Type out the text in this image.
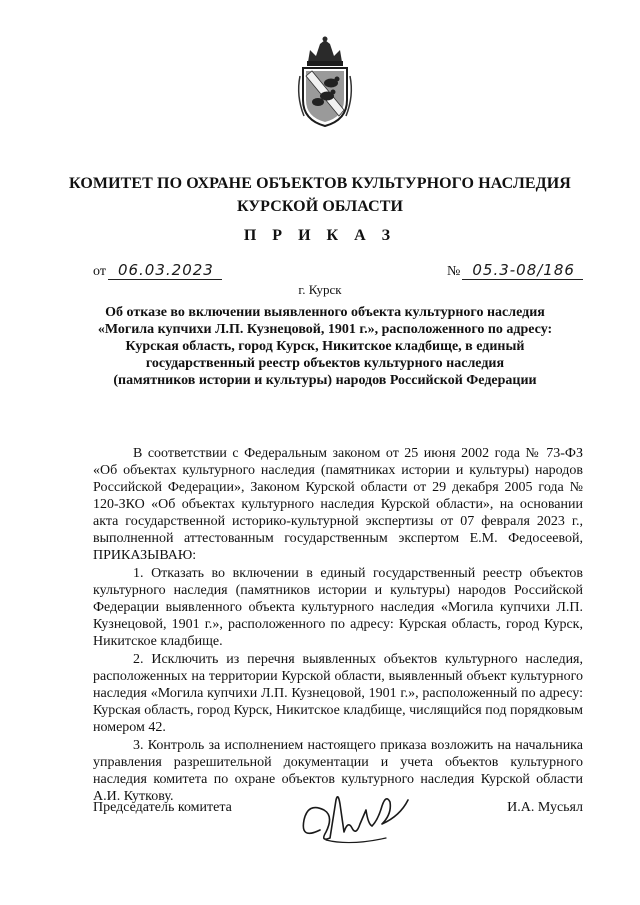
КОМИТЕТ ПО ОХРАНЕ ОБЪЕКТОВ КУЛЬТУРНОГО НАСЛЕДИЯ
КУРСКОЙ ОБЛАСТИ
П Р И К А З
от 06.03.2023	№ 05.3-08/186
г. Курск
Об отказе во включении выявленного объекта культурного наследия
«Могила купчихи Л.П. Кузнецовой, 1901 г.», расположенного по адресу:
Курская область, город Курск, Никитское кладбище, в единый
государственный реестр объектов культурного наследия
(памятников истории и культуры) народов Российской Федерации

В соответствии с Федеральным законом от 25 июня 2002 года № 73-ФЗ «Об объектах культурного наследия (памятниках истории и культуры) народов Российской Федерации», Законом Курской области от 29 декабря 2005 года № 120-ЗКО «Об объектах культурного наследия Курской области», на основании акта государственной историко-культурной экспертизы от 07 февраля 2023 г., выполненной аттестованным государственным экспертом Е.М. Федосеевой, ПРИКАЗЫВАЮ:

1. Отказать во включении в единый государственный реестр объектов культурного наследия (памятников истории и культуры) народов Российской Федерации выявленного объекта культурного наследия «Могила купчихи Л.П. Кузнецовой, 1901 г.», расположенного по адресу: Курская область, город Курск, Никитское кладбище.

2. Исключить из перечня выявленных объектов культурного наследия, расположенных на территории Курской области, выявленный объект культурного наследия «Могила купчихи Л.П. Кузнецовой, 1901 г.», расположенный по адресу: Курская область, город Курск, Никитское кладбище, числящийся под порядковым номером 42.

3. Контроль за исполнением настоящего приказа возложить на начальника управления разрешительной документации и учета объектов культурного наследия комитета по охране объектов культурного наследия Курской области А.И. Куткову.

Председатель комитета	И.А. Мусьял
